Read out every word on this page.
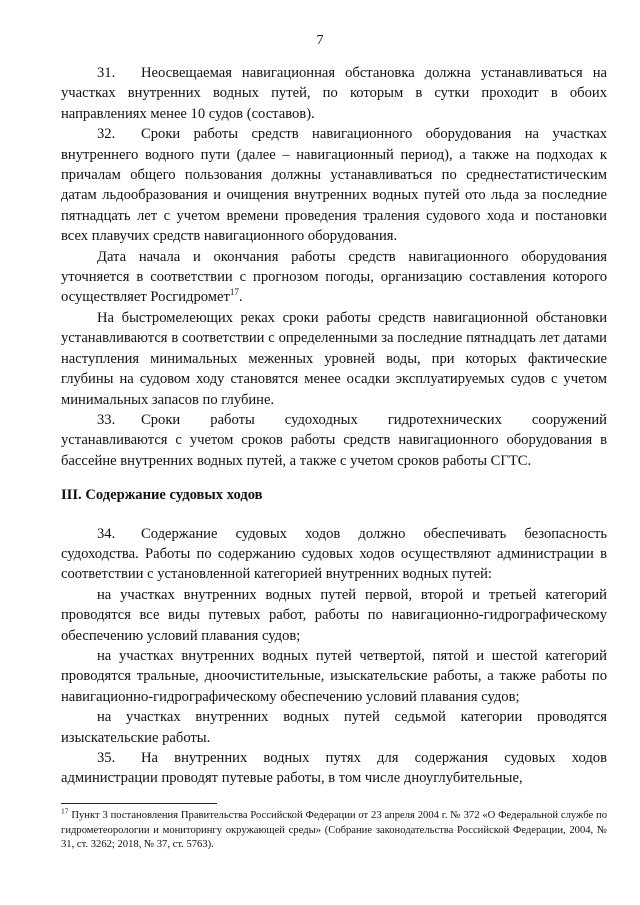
7

31. Неосвещаемая навигационная обстановка должна устанавливаться на участках внутренних водных путей, по которым в сутки проходит в обоих направлениях менее 10 судов (составов).

32. Сроки работы средств навигационного оборудования на участках внутреннего водного пути (далее – навигационный период), а также на подходах к причалам общего пользования должны устанавливаться по среднестатистическим датам льдообразования и очищения внутренних водных путей ото льда за последние пятнадцать лет с учетом времени проведения траления судового хода и постановки всех плавучих средств навигационного оборудования.

Дата начала и окончания работы средств навигационного оборудования уточняется в соответствии с прогнозом погоды, организацию составления которого осуществляет Росгидромет$^{17}$.

На быстромелеющих реках сроки работы средств навигационной обстановки устанавливаются в соответствии с определенными за последние пятнадцать лет датами наступления минимальных меженных уровней воды, при которых фактические глубины на судовом ходу становятся менее осадки эксплуатируемых судов с учетом минимальных запасов по глубине.

33. Сроки работы судоходных гидротехнических сооружений устанавливаются с учетом сроков работы средств навигационного оборудования в бассейне внутренних водных путей, а также с учетом сроков работы СГТС.

III. Содержание судовых ходов

34. Содержание судовых ходов должно обеспечивать безопасность судоходства. Работы по содержанию судовых ходов осуществляют администрации в соответствии с установленной категорией внутренних водных путей:

на участках внутренних водных путей первой, второй и третьей категорий проводятся все виды путевых работ, работы по навигационно-гидрографическому обеспечению условий плавания судов;

на участках внутренних водных путей четвертой, пятой и шестой категорий проводятся тральные, дноочистительные, изыскательские работы, а также работы по навигационно-гидрографическому обеспечению условий плавания судов;

на участках внутренних водных путей седьмой категории проводятся изыскательские работы.

35. На внутренних водных путях для содержания судовых ходов администрации проводят путевые работы, в том числе дноуглубительные,

$^{17}$ Пункт 3 постановления Правительства Российской Федерации от 23 апреля 2004 г. № 372 «О Федеральной службе по гидрометеорологии и мониторингу окружающей среды» (Собрание законодательства Российской Федерации, 2004, № 31, ст. 3262; 2018, № 37, ст. 5763).
